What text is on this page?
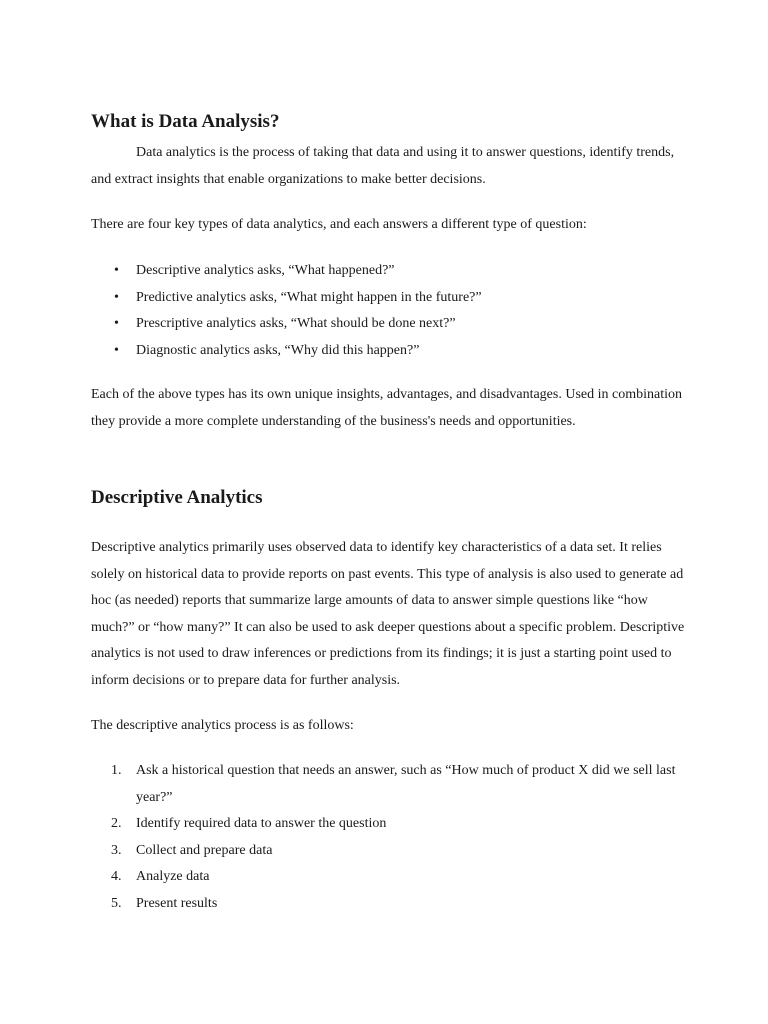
What is Data Analysis?

Data analytics is the process of taking that data and using it to answer questions, identify trends, and extract insights that enable organizations to make better decisions.

There are four key types of data analytics, and each answers a different type of question:

• Descriptive analytics asks, “What happened?”
• Predictive analytics asks, “What might happen in the future?”
• Prescriptive analytics asks, “What should be done next?”
• Diagnostic analytics asks, “Why did this happen?”

Each of the above types has its own unique insights, advantages, and disadvantages. Used in combination they provide a more complete understanding of the business's needs and opportunities.

Descriptive Analytics

Descriptive analytics primarily uses observed data to identify key characteristics of a data set. It relies solely on historical data to provide reports on past events. This type of analysis is also used to generate ad hoc (as needed) reports that summarize large amounts of data to answer simple questions like “how much?” or “how many?” It can also be used to ask deeper questions about a specific problem. Descriptive analytics is not used to draw inferences or predictions from its findings; it is just a starting point used to inform decisions or to prepare data for further analysis.

The descriptive analytics process is as follows:

1. Ask a historical question that needs an answer, such as “How much of product X did we sell last year?”
2. Identify required data to answer the question
3. Collect and prepare data
4. Analyze data
5. Present results
